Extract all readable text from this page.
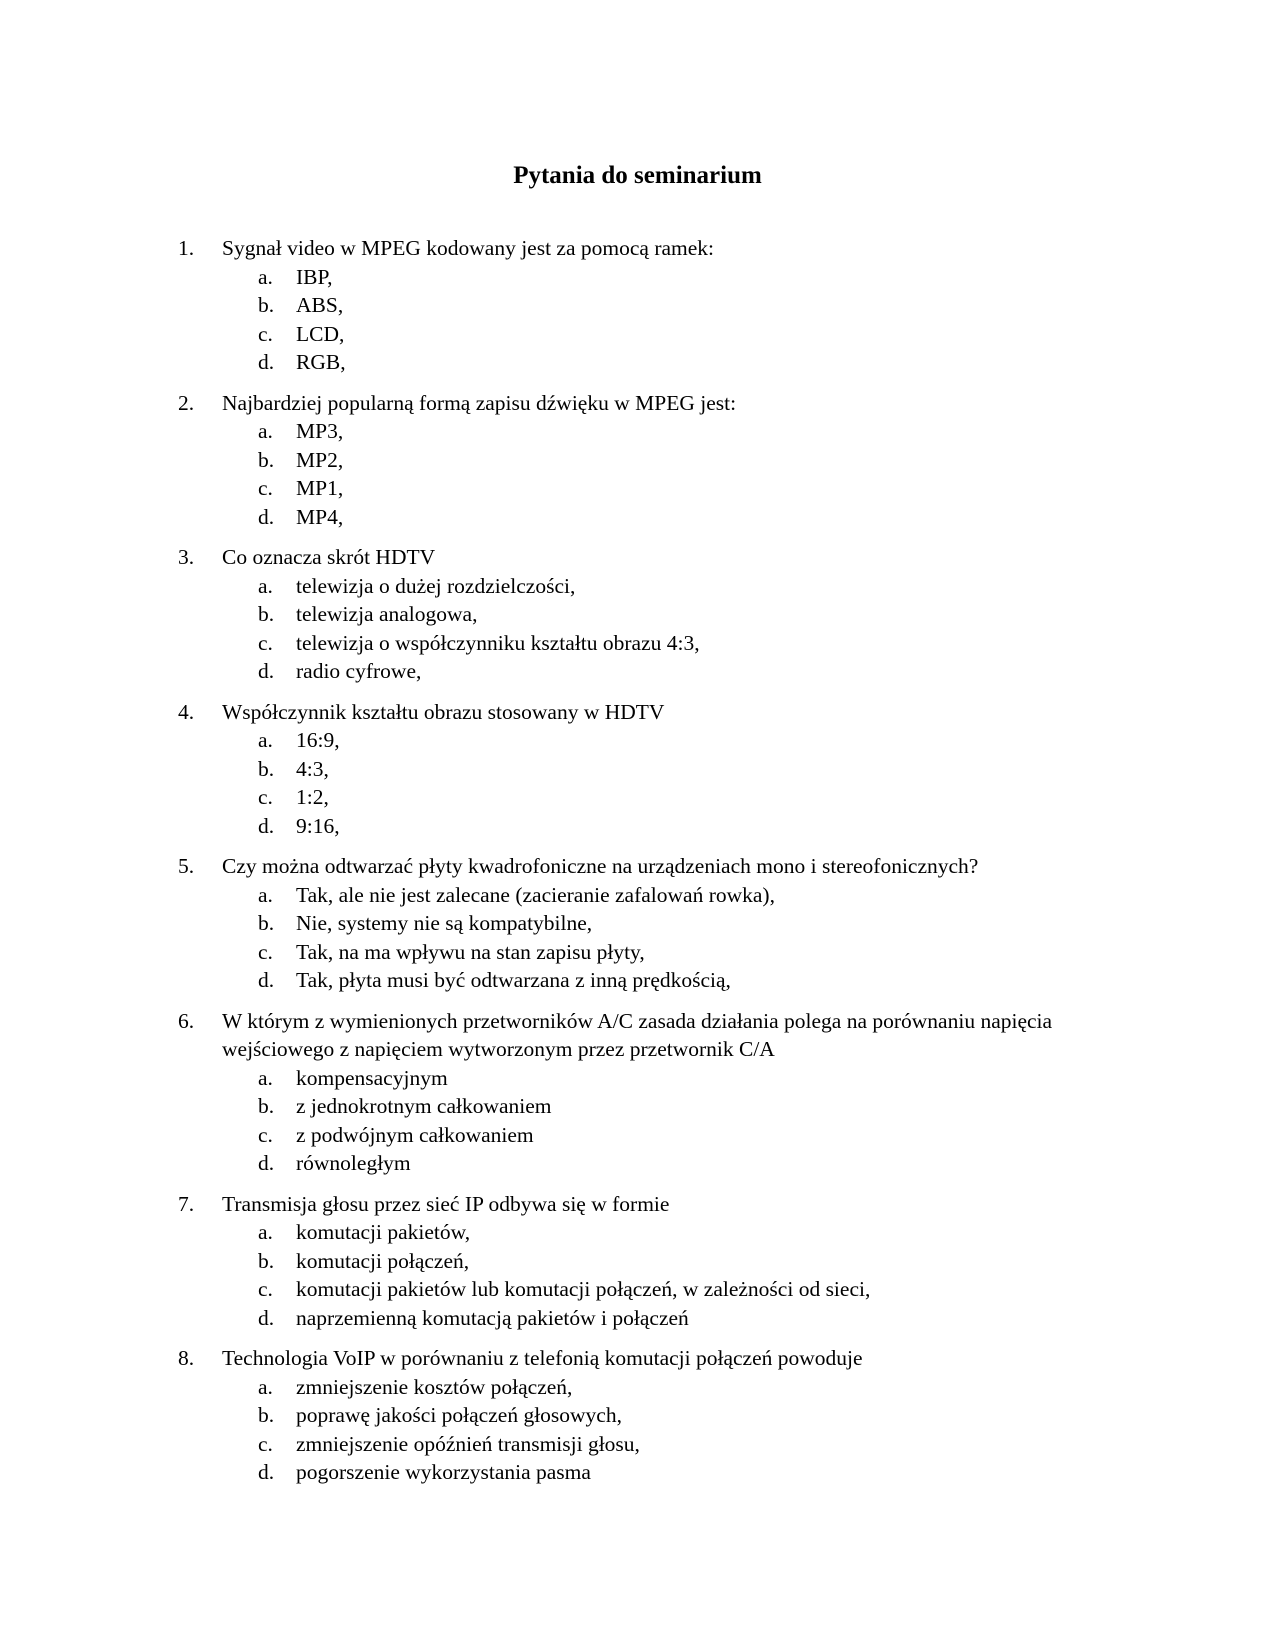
Pytania do seminarium
1. Sygnał video w MPEG kodowany jest za pomocą ramek:
a. IBP,
b. ABS,
c. LCD,
d. RGB,
2. Najbardziej popularną formą zapisu dźwięku w MPEG jest:
a. MP3,
b. MP2,
c. MP1,
d. MP4,
3. Co oznacza skrót HDTV
a. telewizja o dużej rozdzielczości,
b. telewizja analogowa,
c. telewizja o współczynniku kształtu obrazu 4:3,
d. radio cyfrowe,
4. Współczynnik kształtu obrazu stosowany w HDTV
a. 16:9,
b. 4:3,
c. 1:2,
d. 9:16,
5. Czy można odtwarzać płyty kwadrofoniczne na urządzeniach mono i stereofonicznych?
a. Tak, ale nie jest zalecane (zacieranie zafalowań rowka),
b. Nie, systemy nie są kompatybilne,
c. Tak, na ma wpływu na stan zapisu płyty,
d. Tak, płyta musi być odtwarzana z inną prędkością,
6. W którym z wymienionych przetworników A/C zasada działania polega na porównaniu napięcia wejściowego z napięciem wytworzonym przez przetwornik C/A
a. kompensacyjnym
b. z jednokrotnym całkowaniem
c. z podwójnym całkowaniem
d. równoległym
7. Transmisja głosu przez sieć IP odbywa się w formie
a. komutacji pakietów,
b. komutacji połączeń,
c. komutacji pakietów lub komutacji połączeń, w zależności od sieci,
d. naprzemienną komutacją pakietów i połączeń
8. Technologia VoIP w porównaniu z telefonią komutacji połączeń powoduje
a. zmniejszenie kosztów połączeń,
b. poprawę jakości połączeń głosowych,
c. zmniejszenie opóźnień transmisji głosu,
d. pogorszenie wykorzystania pasma
